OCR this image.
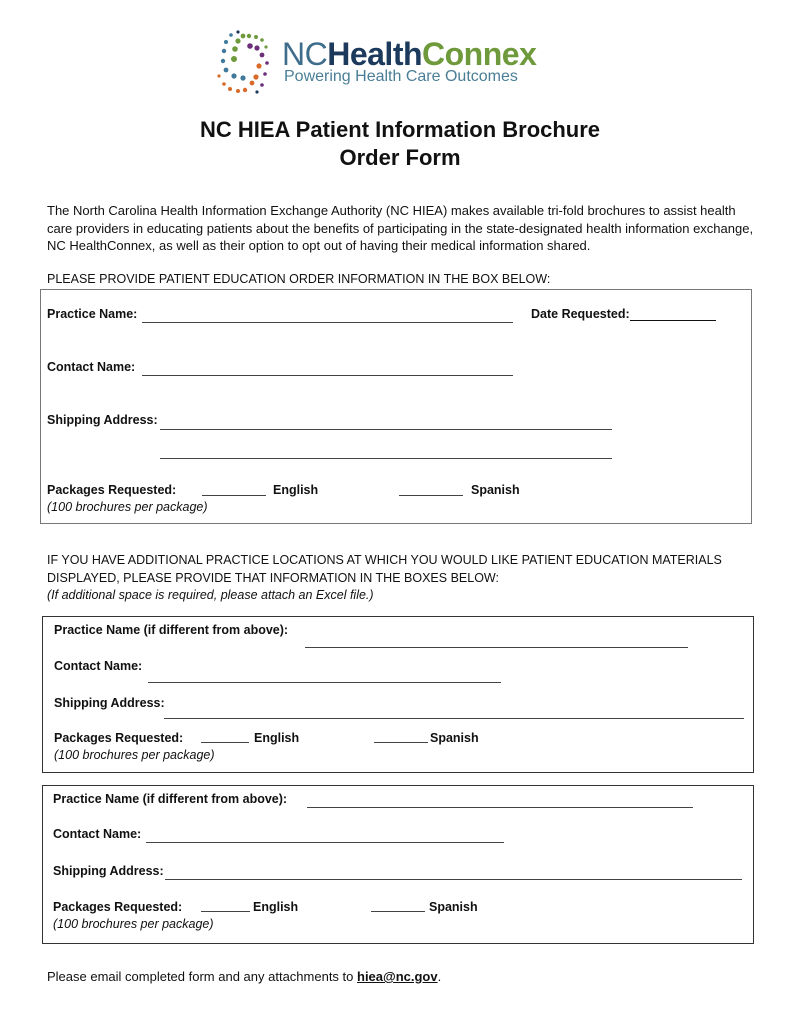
NCHealthConnex
Powering Health Care Outcomes
NC HIEA Patient Information Brochure
Order Form
The North Carolina Health Information Exchange Authority (NC HIEA) makes available tri-fold brochures to assist health care providers in educating patients about the benefits of participating in the state-designated health information exchange, NC HealthConnex, as well as their option to opt out of having their medical information shared.
PLEASE PROVIDE PATIENT EDUCATION ORDER INFORMATION IN THE BOX BELOW:
Practice Name:	Date Requested:
Contact Name:
Shipping Address:
Packages Requested:	English	Spanish
(100 brochures per package)
IF YOU HAVE ADDITIONAL PRACTICE LOCATIONS AT WHICH YOU WOULD LIKE PATIENT EDUCATION MATERIALS
DISPLAYED, PLEASE PROVIDE THAT INFORMATION IN THE BOXES BELOW:
(If additional space is required, please attach an Excel file.)
Practice Name (if different from above):
Contact Name:
Shipping Address:
Packages Requested:	English	Spanish
(100 brochures per package)
Practice Name (if different from above):
Contact Name:
Shipping Address:
Packages Requested:	English	Spanish
(100 brochures per package)
Please email completed form and any attachments to hiea@nc.gov.
